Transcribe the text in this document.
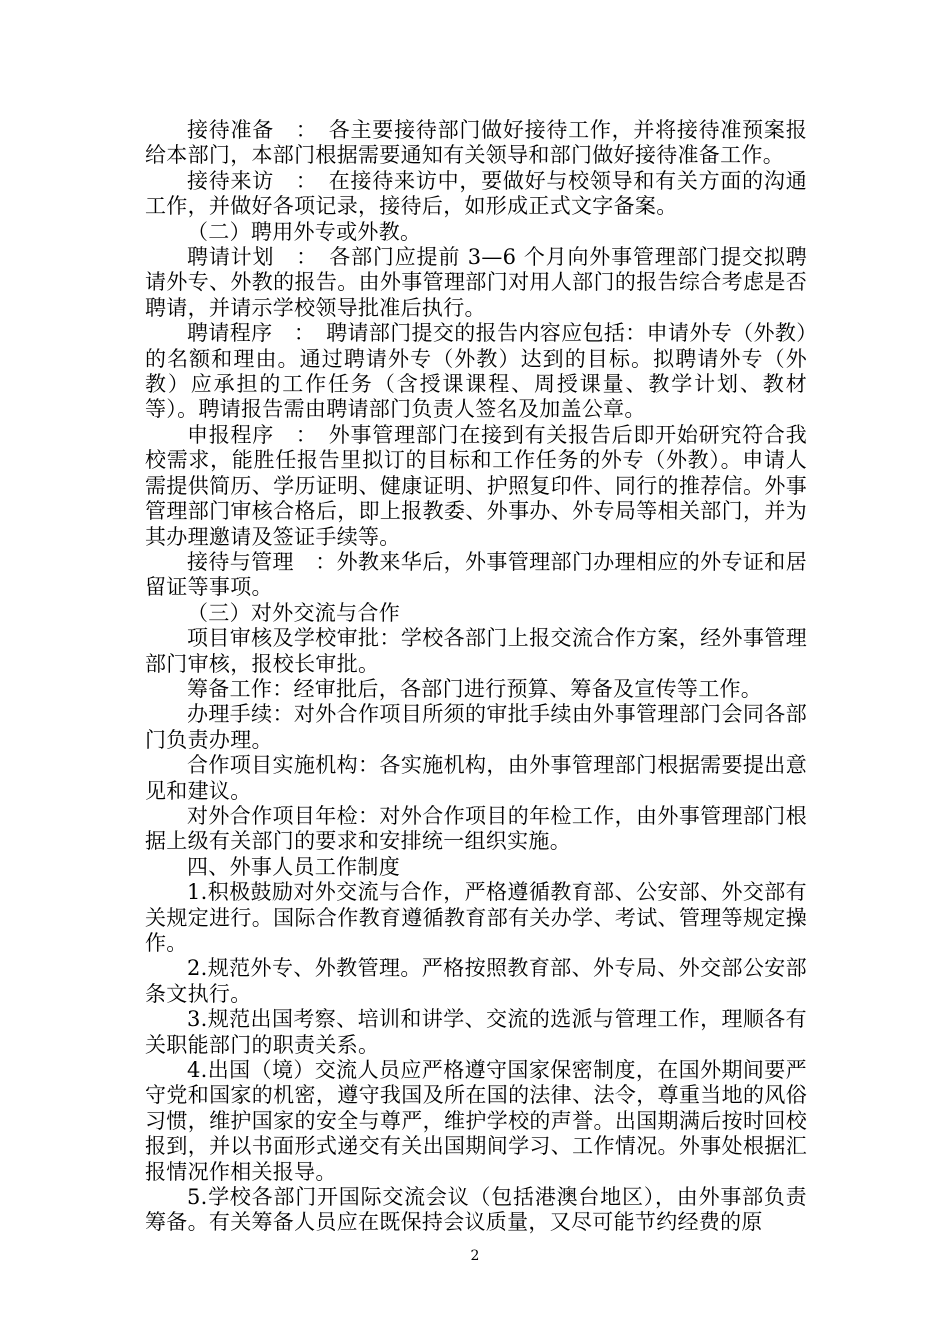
接待准备　：　各主要接待部门做好接待工作，并将接待准预案报给本部门，本部门根据需要通知有关领导和部门做好接待准备工作。

接待来访　：　在接待来访中，要做好与校领导和有关方面的沟通工作，并做好各项记录，接待后，如形成正式文字备案。

（二）聘用外专或外教。

聘请计划　：　各部门应提前 3—6 个月向外事管理部门提交拟聘请外专、外教的报告。由外事管理部门对用人部门的报告综合考虑是否聘请，并请示学校领导批准后执行。

聘请程序　：　聘请部门提交的报告内容应包括：申请外专（外教）的名额和理由。通过聘请外专（外教）达到的目标。拟聘请外专（外教）应承担的工作任务（含授课课程、周授课量、教学计划、教材等）。聘请报告需由聘请部门负责人签名及加盖公章。

申报程序　：　外事管理部门在接到有关报告后即开始研究符合我校需求，能胜任报告里拟订的目标和工作任务的外专（外教）。申请人需提供简历、学历证明、健康证明、护照复印件、同行的推荐信。外事管理部门审核合格后，即上报教委、外事办、外专局等相关部门，并为其办理邀请及签证手续等。

接待与管理　：外教来华后，外事管理部门办理相应的外专证和居留证等事项。

（三）对外交流与合作

项目审核及学校审批：学校各部门上报交流合作方案，经外事管理部门审核，报校长审批。

筹备工作：经审批后，各部门进行预算、筹备及宣传等工作。

办理手续：对外合作项目所须的审批手续由外事管理部门会同各部门负责办理。

合作项目实施机构：各实施机构，由外事管理部门根据需要提出意见和建议。

对外合作项目年检：对外合作项目的年检工作，由外事管理部门根据上级有关部门的要求和安排统一组织实施。

四、外事人员工作制度

1.积极鼓励对外交流与合作，严格遵循教育部、公安部、外交部有关规定进行。国际合作教育遵循教育部有关办学、考试、管理等规定操作。

2.规范外专、外教管理。严格按照教育部、外专局、外交部公安部条文执行。

3.规范出国考察、培训和讲学、交流的选派与管理工作，理顺各有关职能部门的职责关系。

4.出国（境）交流人员应严格遵守国家保密制度，在国外期间要严守党和国家的机密，遵守我国及所在国的法律、法令，尊重当地的风俗习惯，维护国家的安全与尊严，维护学校的声誉。出国期满后按时回校报到，并以书面形式递交有关出国期间学习、工作情况。外事处根据汇报情况作相关报导。

5.学校各部门开国际交流会议（包括港澳台地区），由外事部负责筹备。有关筹备人员应在既保持会议质量，又尽可能节约经费的原

2
